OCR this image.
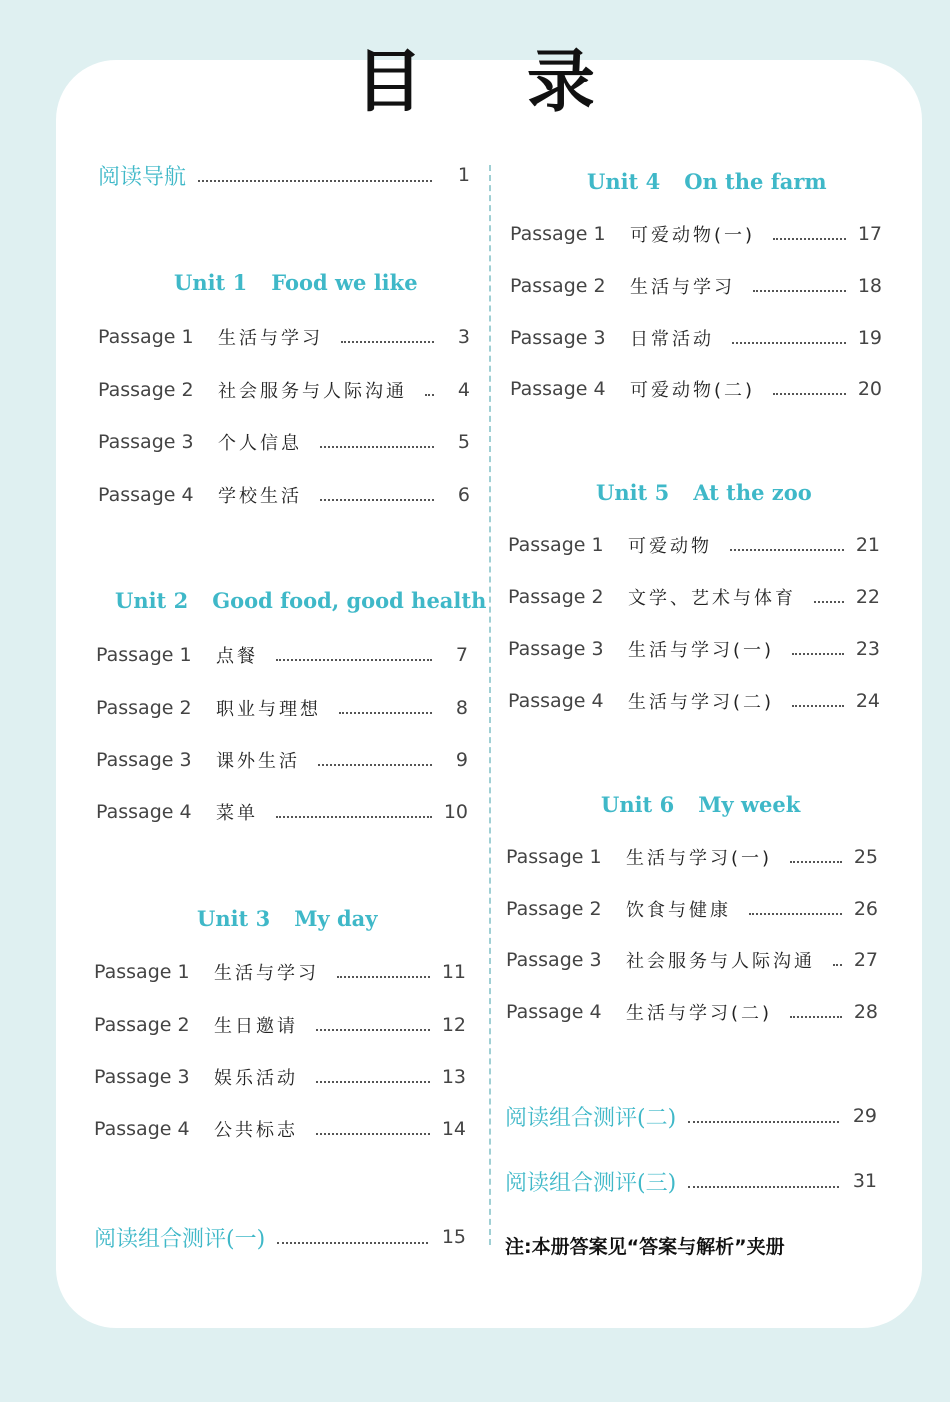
目 录
阅读导航	1
Unit 1 Food we like
Unit 2 Good food, good health
Unit 3 My day
Unit 4 On the farm
Unit 5 At the zoo
Unit 6 My week
Passage 1	生活与学习	3
Passage 2	社会服务与人际沟通	4
Passage 3	个人信息	5
Passage 4	学校生活	6
Passage 1	点餐	7
Passage 2	职业与理想	8
Passage 3	课外生活	9
Passage 4	菜单	10
Passage 1	生活与学习	11
Passage 2	生日邀请	12
Passage 3	娱乐活动	13
Passage 4	公共标志	14
Passage 1	可爱动物(一)	17
Passage 2	生活与学习	18
Passage 3	日常活动	19
Passage 4	可爱动物(二)	20
Passage 1	可爱动物	21
Passage 2	文学、艺术与体育	22
Passage 3	生活与学习(一)	23
Passage 4	生活与学习(二)	24
Passage 1	生活与学习(一)	25
Passage 2	饮食与健康	26
Passage 3	社会服务与人际沟通 27
Passage 4	生活与学习(二)	28
阅读组合测评(一)	15
阅读组合测评(二)	29
阅读组合测评(三)	31
注:本册答案见“答案与解析”夹册
